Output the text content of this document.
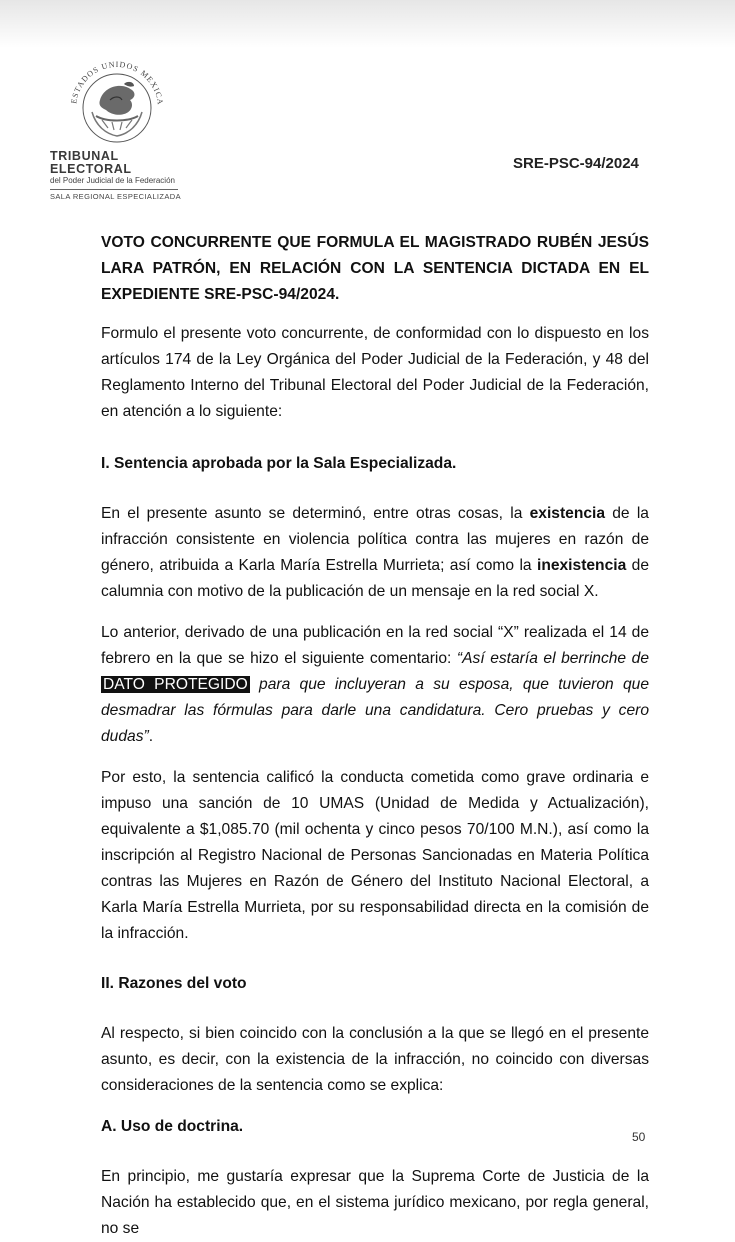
ESTADOS UNIDOS MEXICA
TRIBUNAL ELECTORAL
del Poder Judicial de la Federación
SALA REGIONAL ESPECIALIZADA
SRE-PSC-94/2024

VOTO CONCURRENTE QUE FORMULA EL MAGISTRADO RUBÉN JESÚS LARA PATRÓN, EN RELACIÓN CON LA SENTENCIA DICTADA EN EL EXPEDIENTE SRE-PSC-94/2024.

Formulo el presente voto concurrente, de conformidad con lo dispuesto en los artículos 174 de la Ley Orgánica del Poder Judicial de la Federación, y 48 del Reglamento Interno del Tribunal Electoral del Poder Judicial de la Federación, en atención a lo siguiente:

I. Sentencia aprobada por la Sala Especializada.

En el presente asunto se determinó, entre otras cosas, la existencia de la infracción consistente en violencia política contra las mujeres en razón de género, atribuida a Karla María Estrella Murrieta; así como la inexistencia de calumnia con motivo de la publicación de un mensaje en la red social X.

Lo anterior, derivado de una publicación en la red social “X” realizada el 14 de febrero en la que se hizo el siguiente comentario: “Así estaría el berrinche de DATO PROTEGIDO para que incluyeran a su esposa, que tuvieron que desmadrar las fórmulas para darle una candidatura. Cero pruebas y cero dudas”.

Por esto, la sentencia calificó la conducta cometida como grave ordinaria e impuso una sanción de 10 UMAS (Unidad de Medida y Actualización), equivalente a $1,085.70 (mil ochenta y cinco pesos 70/100 M.N.), así como la inscripción al Registro Nacional de Personas Sancionadas en Materia Política contras las Mujeres en Razón de Género del Instituto Nacional Electoral, a Karla María Estrella Murrieta, por su responsabilidad directa en la comisión de la infracción.

II. Razones del voto

Al respecto, si bien coincido con la conclusión a la que se llegó en el presente asunto, es decir, con la existencia de la infracción, no coincido con diversas consideraciones de la sentencia como se explica:

A. Uso de doctrina.

En principio, me gustaría expresar que la Suprema Corte de Justicia de la Nación ha establecido que, en el sistema jurídico mexicano, por regla general, no se

50
